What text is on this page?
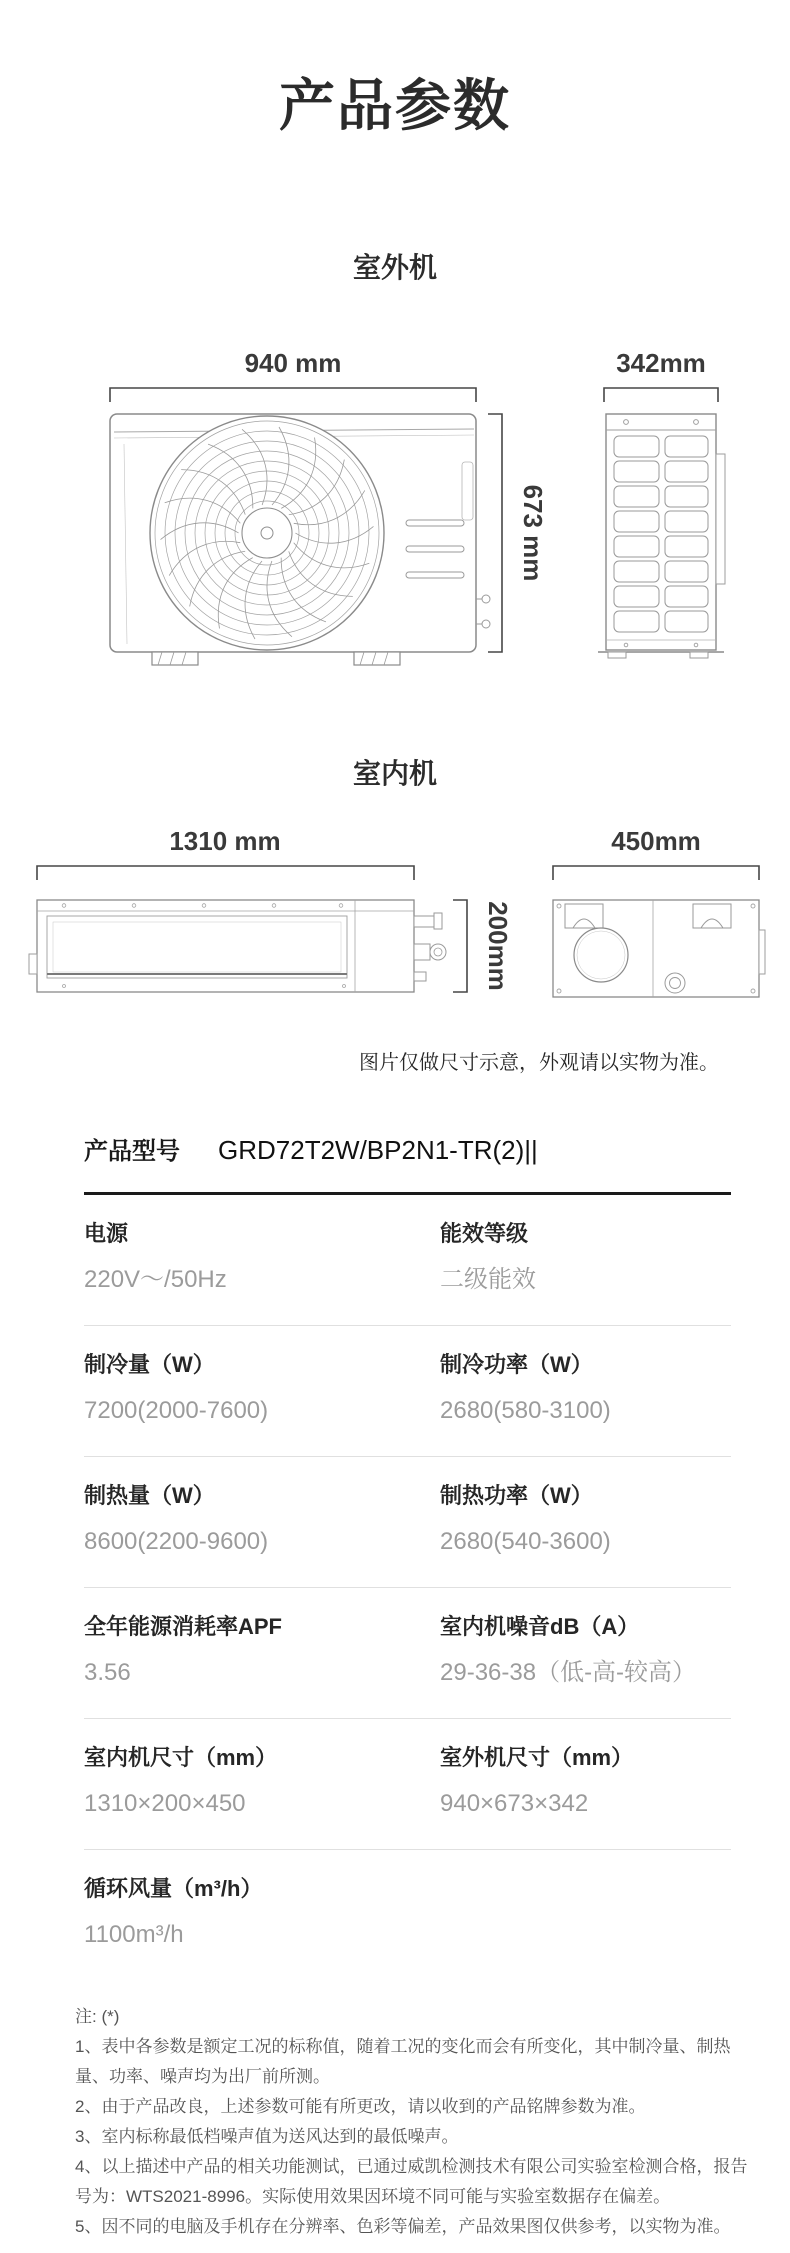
产品参数
室外机
940 mm
673 mm
342mm
室内机
1310 mm
200mm
450mm
图片仅做尺寸示意，外观请以实物为准。
产品型号 GRD72T2W/BP2N1-TR(2)||
电源
220V～/50Hz
能效等级
二级能效
制冷量（W）
7200(2000-7600)
制冷功率（W）
2680(580-3100)
制热量（W）
8600(2200-9600)
制热功率（W）
2680(540-3600)
全年能源消耗率APF
3.56
室内机噪音dB（A）
29-36-38（低-高-较高）
室内机尺寸（mm）
1310×200×450
室外机尺寸（mm）
940×673×342
循环风量（m³/h）
1100m³/h

注: (*)

1、表中各参数是额定工况的标称值，随着工况的变化而会有所变化，其中制冷量、制热量、功率、噪声均为出厂前所测。

2、由于产品改良，上述参数可能有所更改，请以收到的产品铭牌参数为准。

3、室内标称最低档噪声值为送风达到的最低噪声。

4、以上描述中产品的相关功能测试，已通过威凯检测技术有限公司实验室检测合格，报告号为：WTS2021-8996。实际使用效果因环境不同可能与实验室数据存在偏差。

5、因不同的电脑及手机存在分辨率、色彩等偏差，产品效果图仅供参考，以实物为准。
